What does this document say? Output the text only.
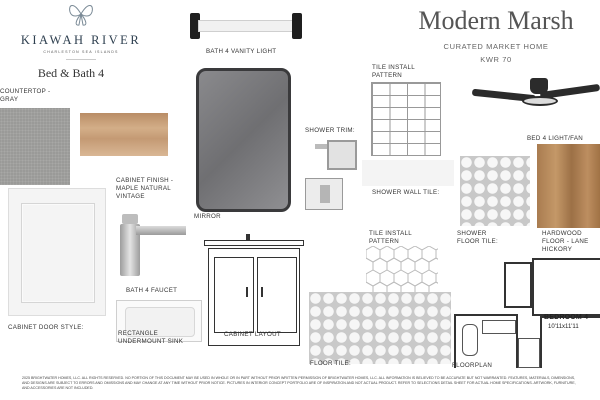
KIAWAH RIVER
CHARLESTON SEA ISLANDS
Bed & Bath 4
Modern Marsh
CURATED MARKET HOME
KWR 70
COUNTERTOP - GRAY
CABINET FINISH - MAPLE NATURAL VINTAGE
BATH 4 VANITY LIGHT
MIRROR
TILE INSTALL PATTERN
BED 4 LIGHT/FAN
SHOWER TRIM:
SHOWER WALL TILE:
SHOWER FLOOR TILE:
HARDWOOD FLOOR - LANE HICKORY
CABINET DOOR STYLE:
BATH 4 FAUCET
RECTANGLE UNDERMOUNT SINK
CABINET LAYOUT
TILE INSTALL PATTERN
FLOOR TILE:
BEDROOM 4
10'11x11'11
FLOORPLAN
2025 BRIGHTWATER HOMES, LLC. ALL RIGHTS RESERVED. NO PORTION OF THIS DOCUMENT MAY BE USED IN WHOLE OR IN PART WITHOUT PRIOR WRITTEN PERMISSION OF BRIGHTWATER HOMES, LLC. ALL INFORMATION IS BELIEVED TO BE ACCURATE BUT NOT WARRANTED. FEATURES, MATERIALS, DIMENSIONS, AND DESIGNS ARE SUBJECT TO ERRORS AND OMISSIONS AND MAY CHANGE AT ANY TIME WITHOUT PRIOR NOTICE. PICTURES IN INTERIOR CONCEPT PORTFOLIO ARE OF INSPIRATION AND NOT ACTUAL PRODUCT. REFER TO SELECTIONS DETAIL SHEET FOR ACTUAL HOME SPECIFICATIONS. ARTWORK, FURNITURE, AND ACCESSORIES ARE NOT INCLUDED.
